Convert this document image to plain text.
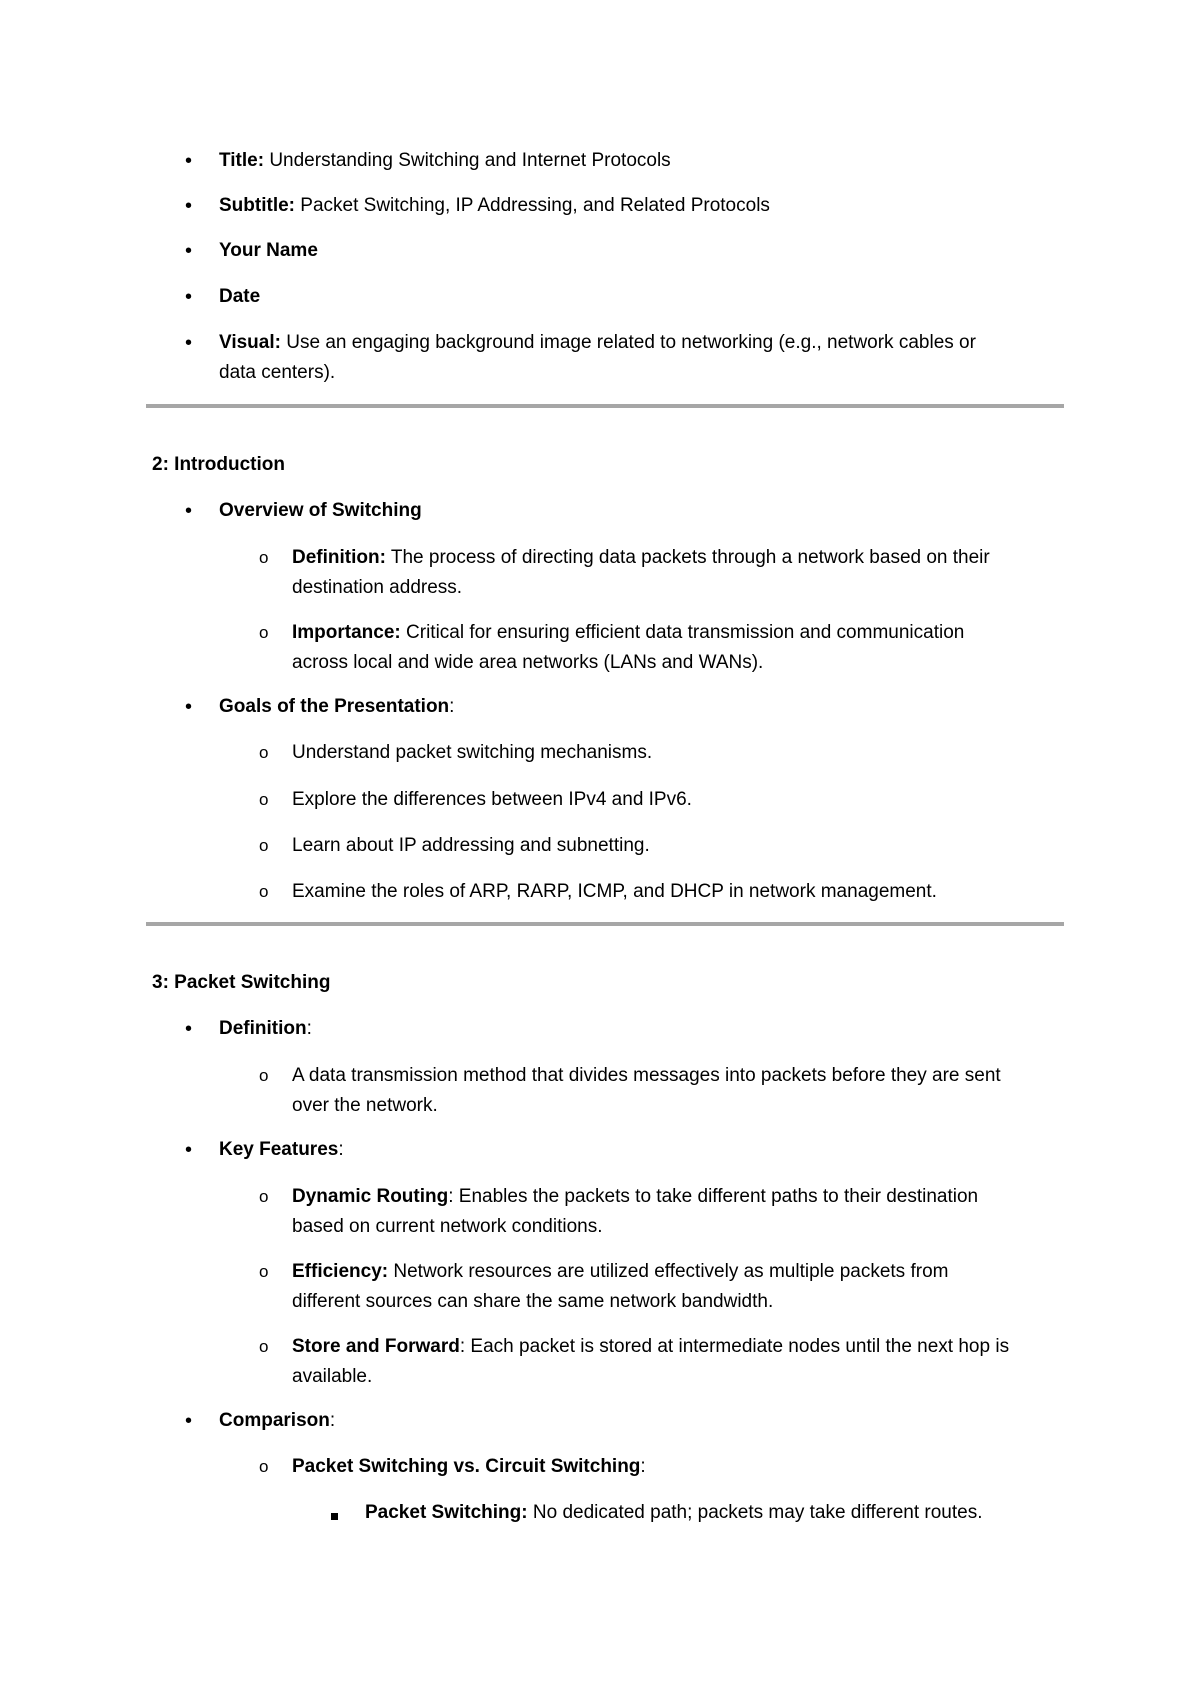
• Title: Understanding Switching and Internet Protocols
• Subtitle: Packet Switching, IP Addressing, and Related Protocols
• Your Name
• Date
• Visual: Use an engaging background image related to networking (e.g., network cables or
data centers).
2: Introduction
• Overview of Switching
o Definition: The process of directing data packets through a network based on their
destination address.
o Importance: Critical for ensuring efficient data transmission and communication
across local and wide area networks (LANs and WANs).
• Goals of the Presentation:
o Understand packet switching mechanisms.
o Explore the differences between IPv4 and IPv6.
o Learn about IP addressing and subnetting.
o Examine the roles of ARP, RARP, ICMP, and DHCP in network management.
3: Packet Switching
• Definition:
o A data transmission method that divides messages into packets before they are sent
over the network.
• Key Features:
o Dynamic Routing: Enables the packets to take different paths to their destination
based on current network conditions.
o Efficiency: Network resources are utilized effectively as multiple packets from
different sources can share the same network bandwidth.
o Store and Forward: Each packet is stored at intermediate nodes until the next hop is
available.
• Comparison:
o Packet Switching vs. Circuit Switching:
Packet Switching: No dedicated path; packets may take different routes.
